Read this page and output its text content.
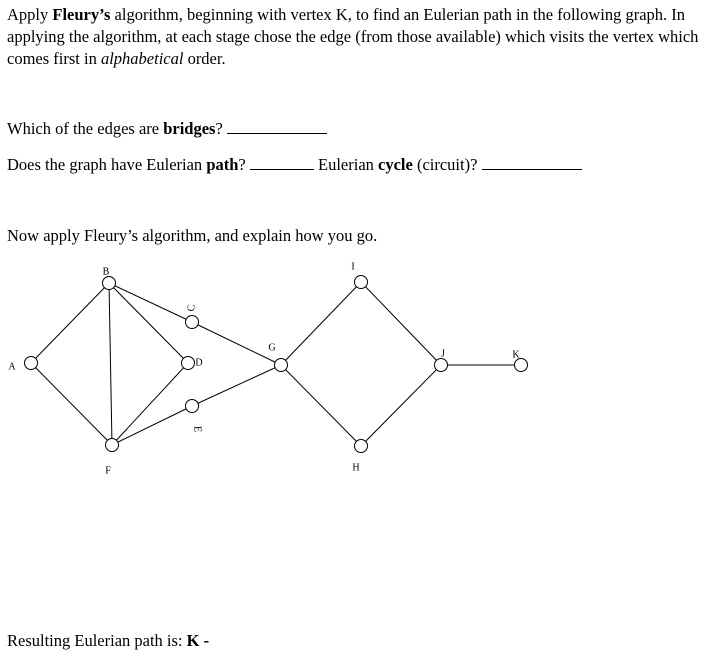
Apply Fleury’s algorithm, beginning with vertex K, to find an Eulerian path in the following graph. In applying the algorithm, at each stage chose the edge (from those available) which visits the vertex which comes first in alphabetical order.
Which of the edges are bridges?
Does the graph have Eulerian path?	Eulerian cycle (circuit)?
Now apply Fleury’s algorithm, and explain how you go.
A
B
C
D
E
F
G
H
I
J	K
Resulting Eulerian path is: K -
